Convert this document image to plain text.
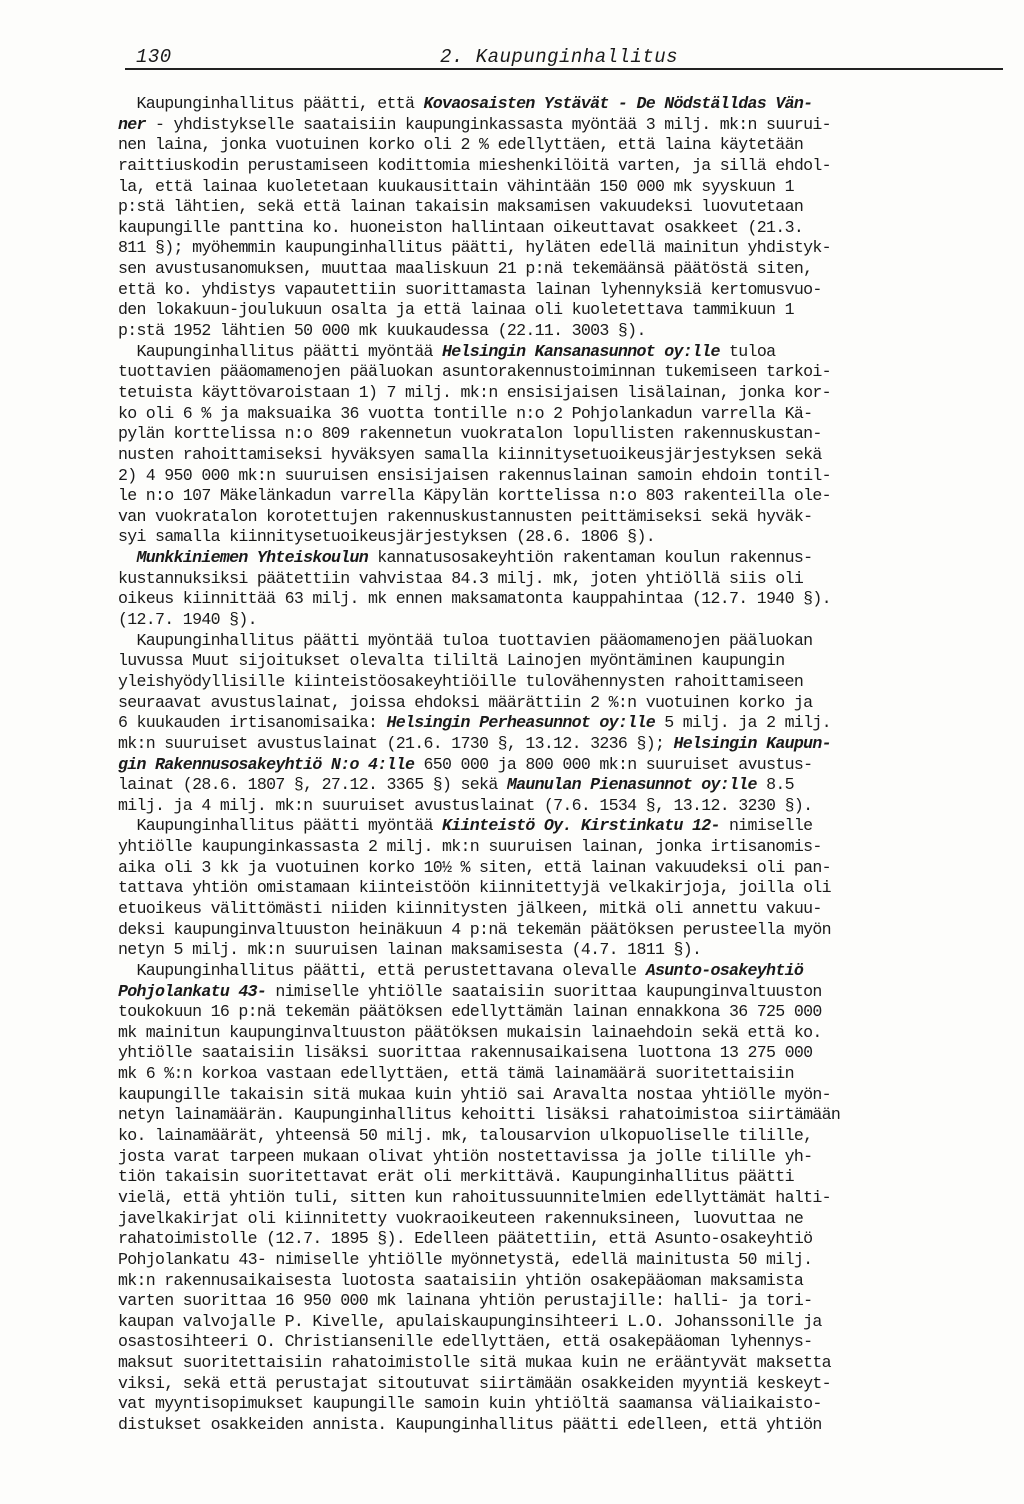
130	2. Kaupunginhallitus
Kaupunginhallitus päätti, että Kovaosaisten Ystävät - De Nödställdas Vän-
ner - yhdistykselle saataisiin kaupunginkassasta myöntää 3 milj. mk:n suurui-
nen laina, jonka vuotuinen korko oli 2 % edellyttäen, että laina käytetään
raittiuskodin perustamiseen kodittomia mieshenkilöitä varten, ja sillä ehdol-
la, että lainaa kuoletetaan kuukausittain vähintään 150 000 mk syyskuun 1
p:stä lähtien, sekä että lainan takaisin maksamisen vakuudeksi luovutetaan
kaupungille panttina ko. huoneiston hallintaan oikeuttavat osakkeet (21.3.
811 §); myöhemmin kaupunginhallitus päätti, hyläten edellä mainitun yhdistyk-
sen avustusanomuksen, muuttaa maaliskuun 21 p:nä tekemäänsä päätöstä siten,
että ko. yhdistys vapautettiin suorittamasta lainan lyhennyksiä kertomusvuo-
den lokakuun-joulukuun osalta ja että lainaa oli kuoletettava tammikuun 1
p:stä 1952 lähtien 50 000 mk kuukaudessa (22.11. 3003 §).
Kaupunginhallitus päätti myöntää Helsingin Kansanasunnot oy:lle tuloa
tuottavien pääomamenojen pääluokan asuntorakennustoiminnan tukemiseen tarkoi-
tetuista käyttövaroistaan 1) 7 milj. mk:n ensisijaisen lisälainan, jonka kor-
ko oli 6 % ja maksuaika 36 vuotta tontille n:o 2 Pohjolankadun varrella Kä-
pylän korttelissa n:o 809 rakennetun vuokratalon lopullisten rakennuskustan-
nusten rahoittamiseksi hyväksyen samalla kiinnitysetuoikeusjärjestyksen sekä
2) 4 950 000 mk:n suuruisen ensisijaisen rakennuslainan samoin ehdoin tontil-
le n:o 107 Mäkelänkadun varrella Käpylän korttelissa n:o 803 rakenteilla ole-
van vuokratalon korotettujen rakennuskustannusten peittämiseksi sekä hyväk-
syi samalla kiinnitysetuoikeusjärjestyksen (28.6. 1806 §).
Munkkiniemen Yhteiskoulun kannatusosakeyhtiön rakentaman koulun rakennus-
kustannuksiksi päätettiin vahvistaa 84.3 milj. mk, joten yhtiöllä siis oli
oikeus kiinnittää 63 milj. mk ennen maksamatonta kauppahintaa (12.7. 1940 §).
(12.7. 1940 §).
Kaupunginhallitus päätti myöntää tuloa tuottavien pääomamenojen pääluokan
luvussa Muut sijoitukset olevalta tililtä Lainojen myöntäminen kaupungin
yleishyödyllisille kiinteistöosakeyhtiöille tulovähennysten rahoittamiseen
seuraavat avustuslainat, joissa ehdoksi määrättiin 2 %:n vuotuinen korko ja
6 kuukauden irtisanomisaika: Helsingin Perheasunnot oy:lle 5 milj. ja 2 milj.
mk:n suuruiset avustuslainat (21.6. 1730 §, 13.12. 3236 §); Helsingin Kaupun-
gin Rakennusosakeyhtiö N:o 4:lle 650 000 ja 800 000 mk:n suuruiset avustus-
lainat (28.6. 1807 §, 27.12. 3365 §) sekä Maunulan Pienasunnot oy:lle 8.5
milj. ja 4 milj. mk:n suuruiset avustuslainat (7.6. 1534 §, 13.12. 3230 §).
Kaupunginhallitus päätti myöntää Kiinteistö Oy. Kirstinkatu 12- nimiselle
yhtiölle kaupunginkassasta 2 milj. mk:n suuruisen lainan, jonka irtisanomis-
aika oli 3 kk ja vuotuinen korko 10½ % siten, että lainan vakuudeksi oli pan-
tattava yhtiön omistamaan kiinteistöön kiinnitettyjä velkakirjoja, joilla oli
etuoikeus välittömästi niiden kiinnitysten jälkeen, mitkä oli annettu vakuu-
deksi kaupunginvaltuuston heinäkuun 4 p:nä tekemän päätöksen perusteella myön
netyn 5 milj. mk:n suuruisen lainan maksamisesta (4.7. 1811 §).
Kaupunginhallitus päätti, että perustettavana olevalle Asunto-osakeyhtiö
Pohjolankatu 43- nimiselle yhtiölle saataisiin suorittaa kaupunginvaltuuston
toukokuun 16 p:nä tekemän päätöksen edellyttämän lainan ennakkona 36 725 000
mk mainitun kaupunginvaltuuston päätöksen mukaisin lainaehdoin sekä että ko.
yhtiölle saataisiin lisäksi suorittaa rakennusaikaisena luottona 13 275 000
mk 6 %:n korkoa vastaan edellyttäen, että tämä lainamäärä suoritettaisiin
kaupungille takaisin sitä mukaa kuin yhtiö sai Aravalta nostaa yhtiölle myön-
netyn lainamäärän. Kaupunginhallitus kehoitti lisäksi rahatoimistoa siirtämään
ko. lainamäärät, yhteensä 50 milj. mk, talousarvion ulkopuoliselle tilille,
josta varat tarpeen mukaan olivat yhtiön nostettavissa ja jolle tilille yh-
tiön takaisin suoritettavat erät oli merkittävä. Kaupunginhallitus päätti
vielä, että yhtiön tuli, sitten kun rahoitussuunnitelmien edellyttämät halti-
javelkakirjat oli kiinnitetty vuokraoikeuteen rakennuksineen, luovuttaa ne
rahatoimistolle (12.7. 1895 §). Edelleen päätettiin, että Asunto-osakeyhtiö
Pohjolankatu 43- nimiselle yhtiölle myönnetystä, edellä mainitusta 50 milj.
mk:n rakennusaikaisesta luotosta saataisiin yhtiön osakepääoman maksamista
varten suorittaa 16 950 000 mk lainana yhtiön perustajille: halli- ja tori-
kaupan valvojalle P. Kivelle, apulaiskaupunginsihteeri L.O. Johanssonille ja
osastosihteeri O. Christiansenille edellyttäen, että osakepääoman lyhennys-
maksut suoritettaisiin rahatoimistolle sitä mukaa kuin ne erääntyvät maksetta
viksi, sekä että perustajat sitoutuvat siirtämään osakkeiden myyntiä keskeyt-
vat myyntisopimukset kaupungille samoin kuin yhtiöltä saamansa väliaikaisto-
distukset osakkeiden annista. Kaupunginhallitus päätti edelleen, että yhtiön
